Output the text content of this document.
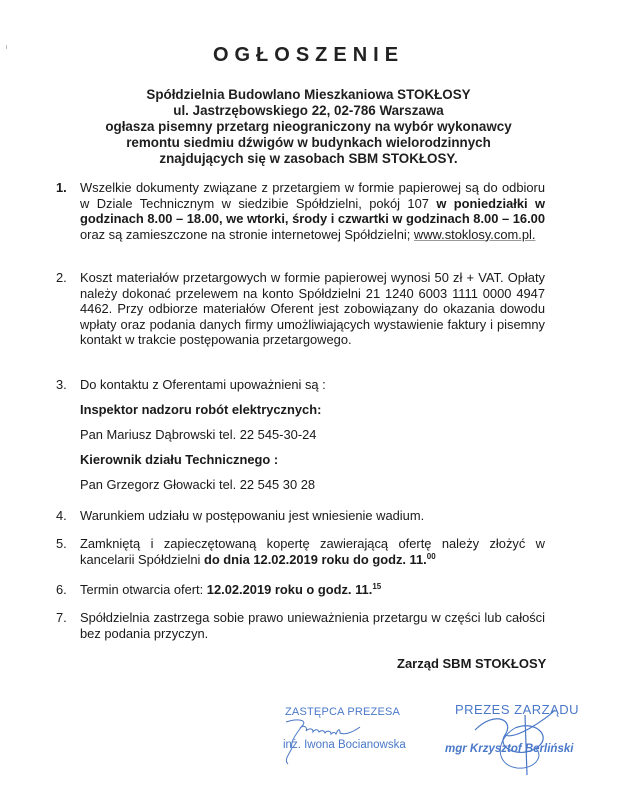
OGŁOSZENIE
Spółdzielnia Budowlano Mieszkaniowa STOKŁOSY
ul. Jastrzębowskiego 22, 02-786 Warszawa
ogłasza pisemny przetarg nieograniczony na wybór wykonawcy
remontu siedmiu dźwigów w budynkach wielorodzinnych
znajdujących się w zasobach SBM STOKŁOSY.
1. Wszelkie dokumenty związane z przetargiem w formie papierowej są do odbioru w Dziale Technicznym w siedzibie Spółdzielni, pokój 107 w poniedziałki w godzinach 8.00 – 18.00, we wtorki, środy i czwartki w godzinach 8.00 – 16.00 oraz są zamieszczone na stronie internetowej Spółdzielni; www.stoklosy.com.pl.
2. Koszt materiałów przetargowych w formie papierowej wynosi 50 zł + VAT. Opłaty należy dokonać przelewem na konto Spółdzielni 21 1240 6003 1111 0000 4947 4462. Przy odbiorze materiałów Oferent jest zobowiązany do okazania dowodu wpłaty oraz podania danych firmy umożliwiających wystawienie faktury i pisemny kontakt w trakcie postępowania przetargowego.
3. Do kontaktu z Oferentami upoważnieni są :
Inspektor nadzoru robót elektrycznych:
Pan Mariusz Dąbrowski tel. 22 545-30-24
Kierownik działu Technicznego :
Pan Grzegorz Głowacki tel. 22 545 30 28
4. Warunkiem udziału w postępowaniu jest wniesienie wadium.
5. Zamkniętą i zapieczętowaną kopertę zawierającą ofertę należy złożyć w kancelarii Spółdzielni do dnia 12.02.2019 roku do godz. 11.00
6. Termin otwarcia ofert: 12.02.2019 roku o godz. 11.15
7. Spółdzielnia zastrzega sobie prawo unieważnienia przetargu w części lub całości bez podania przyczyn.
Zarząd SBM STOKŁOSY
ZASTĘPCA PREZESA
inż. Iwona Bocianowska
PREZES ZARZĄDU
mgr Krzysztof Berliński
